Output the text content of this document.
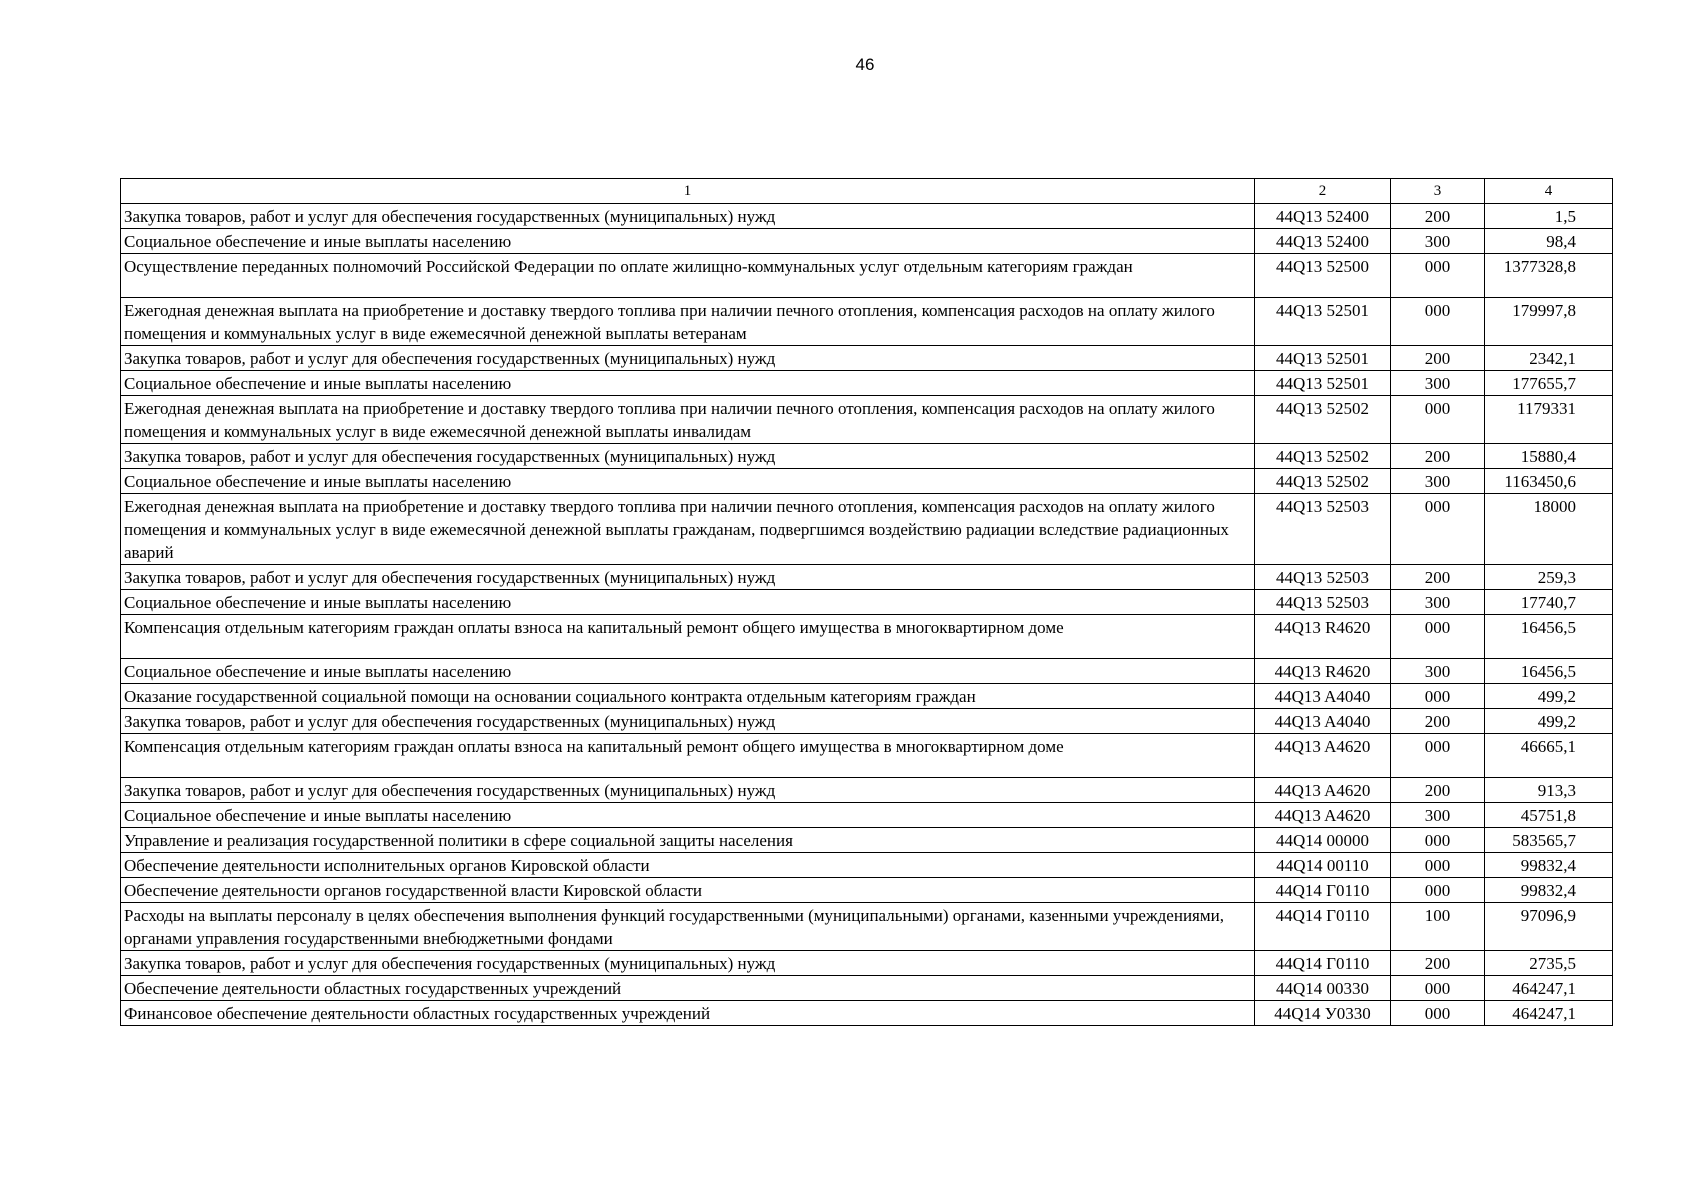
46
1	2	3	4
Закупка товаров, работ и услуг для обеспечения государственных (муниципальных) нужд	44Q13 52400	200	1,5
Социальное обеспечение и иные выплаты населению	44Q13 52400	300	98,4
Осуществление переданных полномочий Российской Федерации по оплате жилищно-коммунальных услуг отдельным категориям граждан	44Q13 52500	000	1377328,8
Ежегодная денежная выплата на приобретение и доставку твердого топлива при наличии печного отопления, компенсация расходов на оплату жилого помещения и коммунальных услуг в виде ежемесячной денежной выплаты ветеранам	44Q13 52501	000	179997,8
Закупка товаров, работ и услуг для обеспечения государственных (муниципальных) нужд	44Q13 52501	200	2342,1
Социальное обеспечение и иные выплаты населению	44Q13 52501	300	177655,7
Ежегодная денежная выплата на приобретение и доставку твердого топлива при наличии печного отопления, компенсация расходов на оплату жилого помещения и коммунальных услуг в виде ежемесячной денежной выплаты инвалидам	44Q13 52502	000	1179331
Закупка товаров, работ и услуг для обеспечения государственных (муниципальных) нужд	44Q13 52502	200	15880,4
Социальное обеспечение и иные выплаты населению	44Q13 52502	300	1163450,6
Ежегодная денежная выплата на приобретение и доставку твердого топлива при наличии печного отопления, компенсация расходов на оплату жилого помещения и коммунальных услуг в виде ежемесячной денежной выплаты гражданам, подвергшимся воздействию радиации вследствие радиационных аварий	44Q13 52503	000	18000
Закупка товаров, работ и услуг для обеспечения государственных (муниципальных) нужд	44Q13 52503	200	259,3
Социальное обеспечение и иные выплаты населению	44Q13 52503	300	17740,7
Компенсация отдельным категориям граждан оплаты взноса на капитальный ремонт общего имущества в многоквартирном доме	44Q13 R4620	000	16456,5
Социальное обеспечение и иные выплаты населению	44Q13 R4620	300	16456,5
Оказание государственной социальной помощи на основании социального контракта отдельным категориям граждан	44Q13 A4040	000	499,2
Закупка товаров, работ и услуг для обеспечения государственных (муниципальных) нужд	44Q13 A4040	200	499,2
Компенсация отдельным категориям граждан оплаты взноса на капитальный ремонт общего имущества в многоквартирном доме	44Q13 A4620	000	46665,1
Закупка товаров, работ и услуг для обеспечения государственных (муниципальных) нужд	44Q13 A4620	200	913,3
Социальное обеспечение и иные выплаты населению	44Q13 A4620	300	45751,8
Управление и реализация государственной политики в сфере социальной защиты населения	44Q14 00000	000	583565,7
Обеспечение деятельности исполнительных органов Кировской области	44Q14 00110	000	99832,4
Обеспечение деятельности органов государственной власти Кировской области	44Q14 Г0110	000	99832,4
Расходы на выплаты персоналу в целях обеспечения выполнения функций государственными (муниципальными) органами, казенными учреждениями, органами управления государственными внебюджетными фондами	44Q14 Г0110	100	97096,9
Закупка товаров, работ и услуг для обеспечения государственных (муниципальных) нужд	44Q14 Г0110	200	2735,5
Обеспечение деятельности областных государственных учреждений	44Q14 00330	000	464247,1
Финансовое обеспечение деятельности областных государственных учреждений	44Q14 У0330	000	464247,1
